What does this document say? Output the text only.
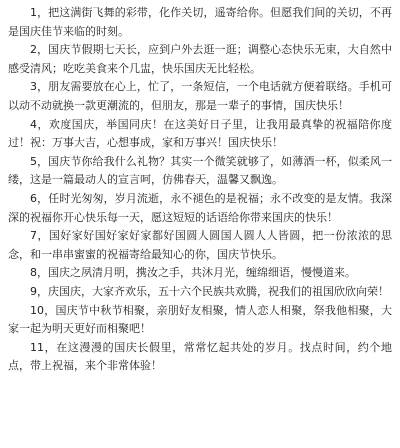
1，把这满街飞舞的彩带，化作关切，遥寄给你。但愿我们间的关切，不再是国庆佳节来临的时刻。

2，国庆节假期七天长，应到户外去逛一逛；调整心态快乐无束，大自然中感受清风；吃吃美食来个几盅，快乐国庆无比轻松。

3，朋友需要放在心上，忙了，一条短信，一个电话就方便着联络。手机可以动不动就换一款更潮流的，但朋友，那是一辈子的事情，国庆快乐！

4，欢度国庆，举国同庆！在这美好日子里，让我用最真挚的祝福陪你度过！祝：万事大吉，心想事成，家和万事兴！国庆快乐！

5，国庆节你给我什么礼物？其实一个微笑就够了，如薄酒一杯，似柔风一缕，这是一篇最动人的宣言呵，仿佛春天，温馨又飘逸。

6，任时光匆匆，岁月流逝，永不褪色的是祝福；永不改变的是友情。我深深的祝福你开心快乐每一天，愿这短短的话语给你带来国庆的快乐！

7，国好家好国好家好家都好国圆人圆国人圆人人皆圆，把一份浓浓的思念，和一串串蜜蜜的祝福寄给最知心的你，国庆节快乐。

8，国庆之夙清月明，携汝之手，共沐月光，缠绵细语，慢慢道来。

9，庆国庆，大家齐欢乐，五十六个民族共欢腾，祝我们的祖国欣欣向荣！

10，国庆节中秋节相聚，亲朋好友相聚，情人恋人相聚，祭我他相聚，大家一起为明天更好而相聚吧！

11，在这漫漫的国庆长假里，常常忆起共处的岁月。找点时间，约个地点，带上祝福，来个非常体验！
